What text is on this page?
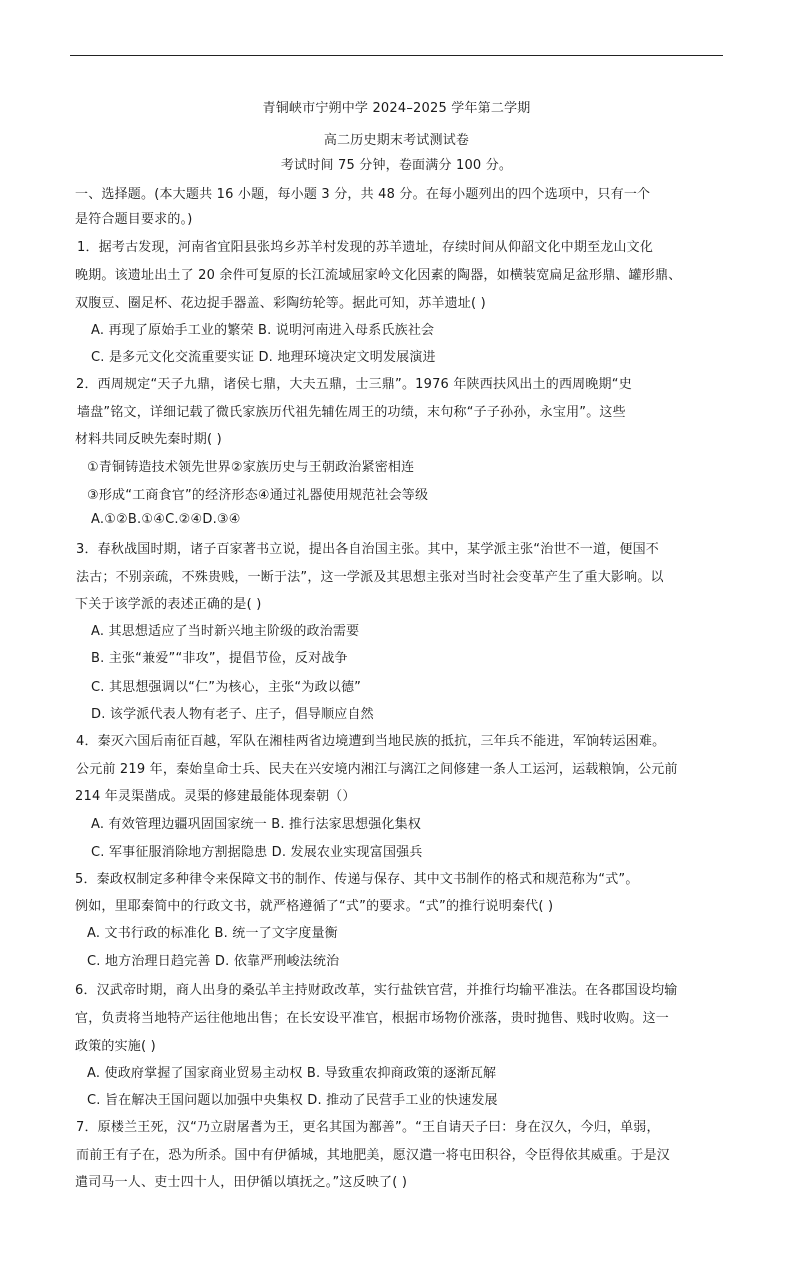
青铜峡市宁朔中学 2024–2025 学年第二学期
高二历史期末考试测试卷
考试时间 75 分钟，卷面满分 100 分。
一、选择题。(本大题共 16 小题，每小题 3 分，共 48 分。在每小题列出的四个选项中，只有一个
是符合题目要求的。)
1．据考古发现，河南省宜阳县张坞乡苏羊村发现的苏羊遗址，存续时间从仰韶文化中期至龙山文化
晚期。该遗址出土了 20 余件可复原的长江流域屈家岭文化因素的陶器，如横装宽扁足盆形鼎、罐形鼎、
双腹豆、圈足杯、花边捉手器盖、彩陶纺轮等。据此可知，苏羊遗址( )
A. 再现了原始手工业的繁荣 B. 说明河南进入母系氏族社会
C. 是多元文化交流重要实证 D. 地理环境决定文明发展演进
2．西周规定“天子九鼎，诸侯七鼎，大夫五鼎，士三鼎”。1976 年陕西扶风出土的西周晚期“史
墙盘”铭文，详细记载了微氏家族历代祖先辅佐周王的功绩，末句称“子子孙孙，永宝用”。这些
材料共同反映先秦时期( )
①青铜铸造技术领先世界②家族历史与王朝政治紧密相连
③形成“工商食官”的经济形态④通过礼器使用规范社会等级
A.①②B.①④C.②④D.③④
3．春秋战国时期，诸子百家著书立说，提出各自治国主张。其中，某学派主张“治世不一道，便国不
法古；不别亲疏，不殊贵贱，一断于法”，这一学派及其思想主张对当时社会变革产生了重大影响。以
下关于该学派的表述正确的是( )
A. 其思想适应了当时新兴地主阶级的政治需要
B. 主张“兼爱”“非攻”，提倡节俭，反对战争
C. 其思想强调以“仁”为核心，主张“为政以德”
D. 该学派代表人物有老子、庄子，倡导顺应自然
4．秦灭六国后南征百越，军队在湘桂两省边境遭到当地民族的抵抗，三年兵不能进，军饷转运困难。
公元前 219 年，秦始皇命士兵、民夫在兴安境内湘江与漓江之间修建一条人工运河，运载粮饷，公元前
214 年灵渠凿成。灵渠的修建最能体现秦朝（）
A. 有效管理边疆巩固国家统一 B. 推行法家思想强化集权
C. 军事征服消除地方割据隐患 D. 发展农业实现富国强兵
5．秦政权制定多种律令来保障文书的制作、传递与保存、其中文书制作的格式和规范称为“式”。
例如，里耶秦简中的行政文书，就严格遵循了“式”的要求。“式”的推行说明秦代( )
A. 文书行政的标准化 B. 统一了文字度量衡
C. 地方治理日趋完善 D. 依靠严刑峻法统治
6．汉武帝时期，商人出身的桑弘羊主持财政改革，实行盐铁官营，并推行均输平准法。在各郡国设均输
官，负责将当地特产运往他地出售；在长安设平准官，根据市场物价涨落，贵时抛售、贱时收购。这一
政策的实施( )
A. 使政府掌握了国家商业贸易主动权 B. 导致重农抑商政策的逐渐瓦解
C. 旨在解决王国问题以加强中央集权 D. 推动了民营手工业的快速发展
7．原楼兰王死，汉“乃立尉屠耆为王，更名其国为鄯善”。“王自请天子曰：身在汉久，今归，单弱，
而前王有子在，恐为所杀。国中有伊循城，其地肥美，愿汉遣一将屯田积谷，令臣得依其威重。于是汉
遣司马一人、吏士四十人，田伊循以填抚之。”这反映了( )
